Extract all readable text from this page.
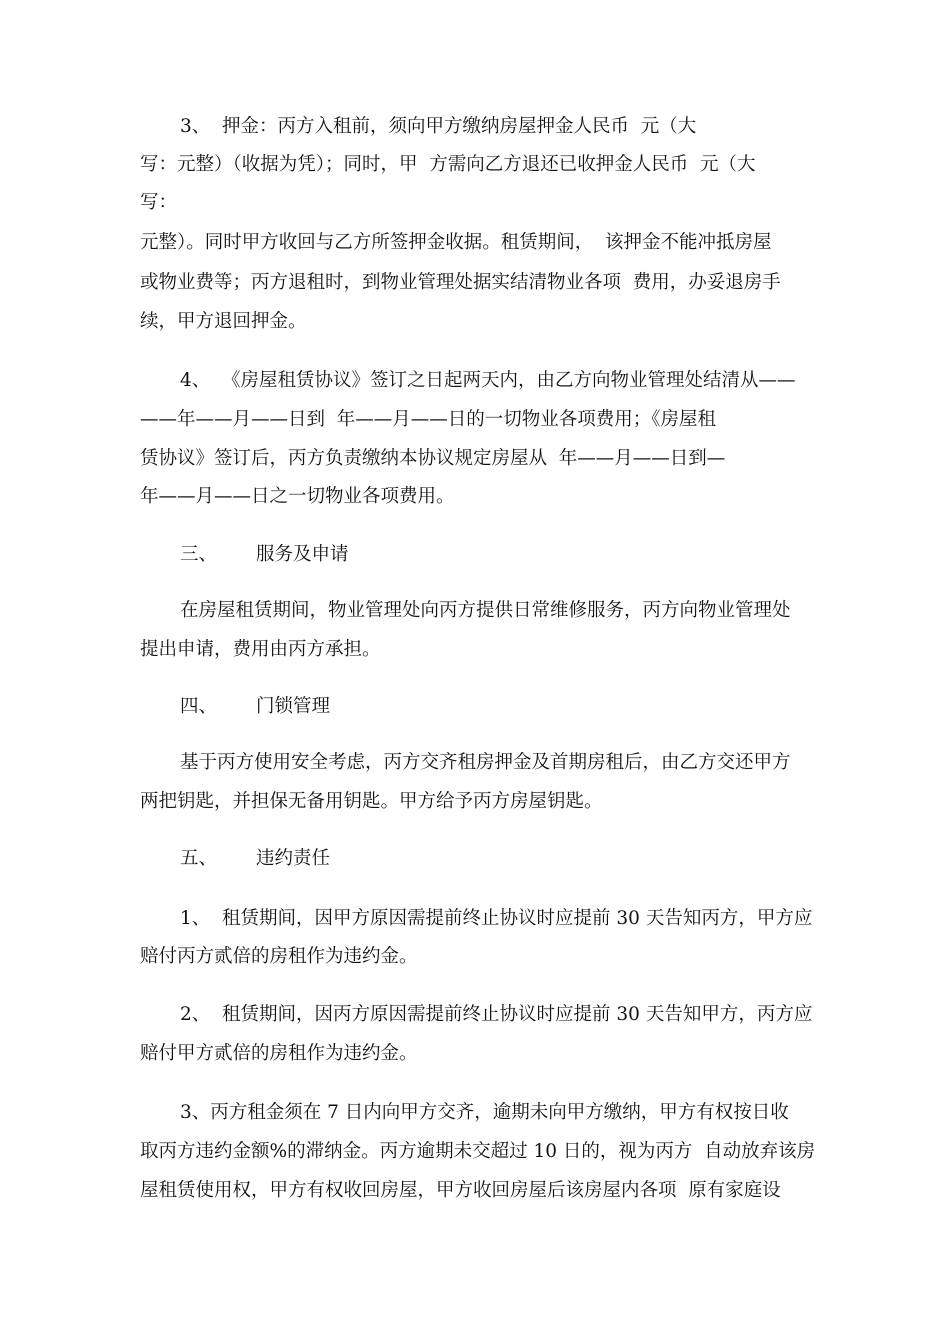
3、  押金：丙方入租前，须向甲方缴纳房屋押金人民币  元（大
写：元整）（收据为凭）；同时，甲  方需向乙方退还已收押金人民币  元（大
写：
元整）。同时甲方收回与乙方所签押金收据。租赁期间，  该押金不能冲抵房屋
或物业费等；丙方退租时，到物业管理处据实结清物业各项  费用，办妥退房手
续，甲方退回押金。
4、  《房屋租赁协议》签订之日起两天内，由乙方向物业管理处结清从——
——年——月——日到  年——月——日的一切物业各项费用；《房屋租
赁协议》签订后，丙方负责缴纳本协议规定房屋从  年——月——日到—
年——月——日之一切物业各项费用。
三、 服务及申请
在房屋租赁期间，物业管理处向丙方提供日常维修服务，丙方向物业管理处
提出申请，费用由丙方承担。
四、 门锁管理
基于丙方使用安全考虑，丙方交齐租房押金及首期房租后，由乙方交还甲方
两把钥匙，并担保无备用钥匙。甲方给予丙方房屋钥匙。
五、 违约责任
1、  租赁期间，因甲方原因需提前终止协议时应提前 30 天告知丙方，甲方应
赔付丙方贰倍的房租作为违约金。
2、  租赁期间，因丙方原因需提前终止协议时应提前 30 天告知甲方，丙方应
赔付甲方贰倍的房租作为违约金。
3、丙方租金须在 7 日内向甲方交齐，逾期未向甲方缴纳，甲方有权按日收
取丙方违约金额%的滞纳金。丙方逾期未交超过 10 日的，视为丙方  自动放弃该房
屋租赁使用权，甲方有权收回房屋，甲方收回房屋后该房屋内各项  原有家庭设
